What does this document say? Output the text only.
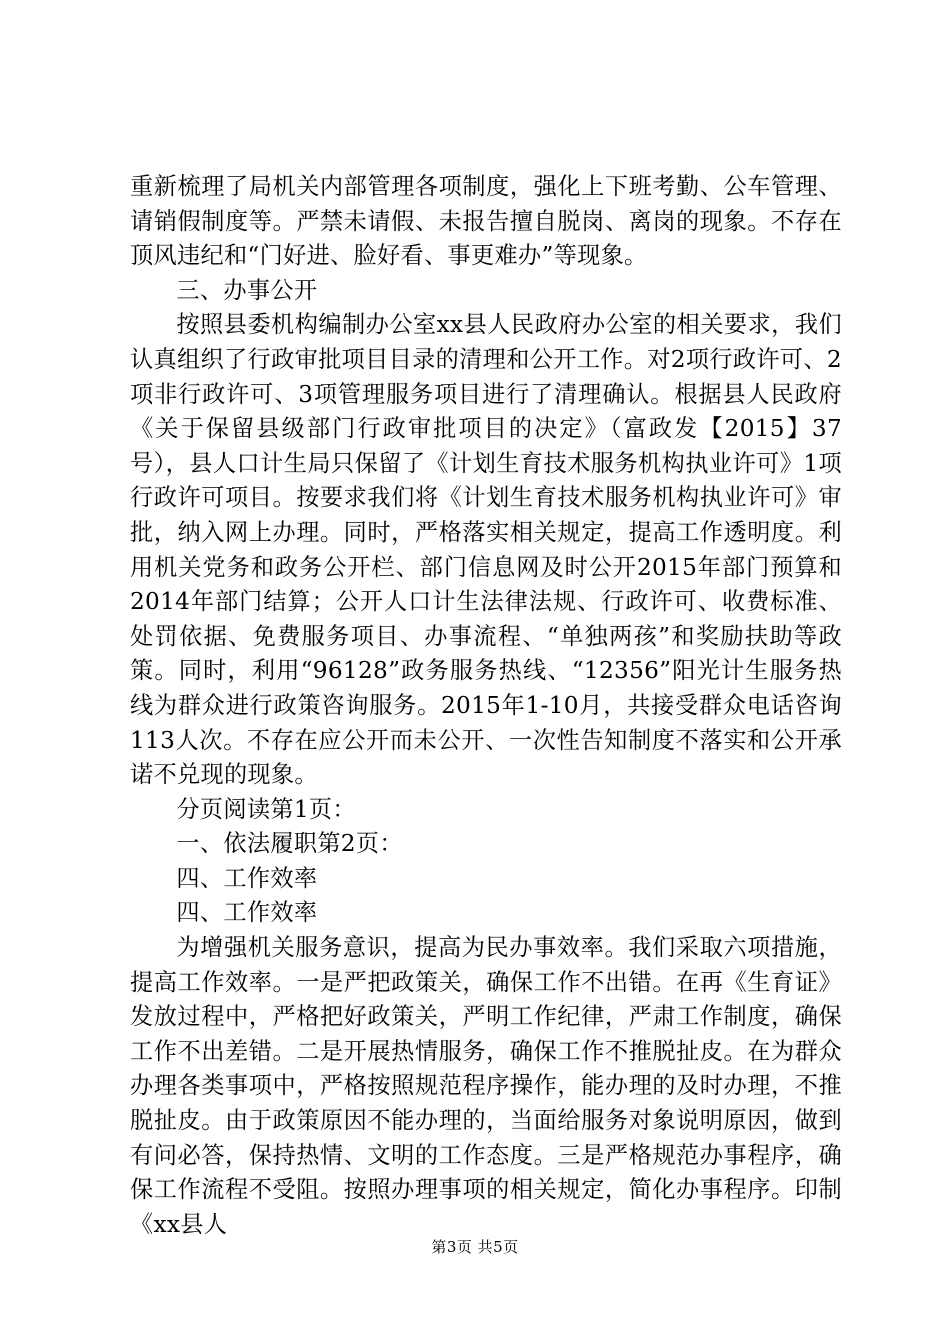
重新梳理了局机关内部管理各项制度，强化上下班考勤、公车管理、请销假制度等。严禁未请假、未报告擅自脱岗、离岗的现象。不存在顶风违纪和“门好进、脸好看、事更难办”等现象。

三、办事公开

按照县委机构编制办公室xx县人民政府办公室的相关要求，我们认真组织了行政审批项目目录的清理和公开工作。对2项行政许可、2项非行政许可、3项管理服务项目进行了清理确认。根据县人民政府《关于保留县级部门行政审批项目的决定》（富政发【2015】37号），县人口计生局只保留了《计划生育技术服务机构执业许可》1项行政许可项目。按要求我们将《计划生育技术服务机构执业许可》审批，纳入网上办理。同时，严格落实相关规定，提高工作透明度。利用机关党务和政务公开栏、部门信息网及时公开2015年部门预算和2014年部门结算；公开人口计生法律法规、行政许可、收费标准、处罚依据、免费服务项目、办事流程、“单独两孩”和奖励扶助等政策。同时，利用“96128”政务服务热线、“12356”阳光计生服务热线为群众进行政策咨询服务。2015年1-10月，共接受群众电话咨询113人次。不存在应公开而未公开、一次性告知制度不落实和公开承诺不兑现的现象。

分页阅读第1页：

一、依法履职第2页：

四、工作效率

四、工作效率

为增强机关服务意识，提高为民办事效率。我们采取六项措施，提高工作效率。一是严把政策关，确保工作不出错。在再《生育证》发放过程中，严格把好政策关，严明工作纪律，严肃工作制度，确保工作不出差错。二是开展热情服务，确保工作不推脱扯皮。在为群众办理各类事项中，严格按照规范程序操作，能办理的及时办理，不推脱扯皮。由于政策原因不能办理的，当面给服务对象说明原因，做到有问必答，保持热情、文明的工作态度。三是严格规范办事程序，确保工作流程不受阻。按照办理事项的相关规定，简化办事程序。印制《xx县人

第3页 共5页
